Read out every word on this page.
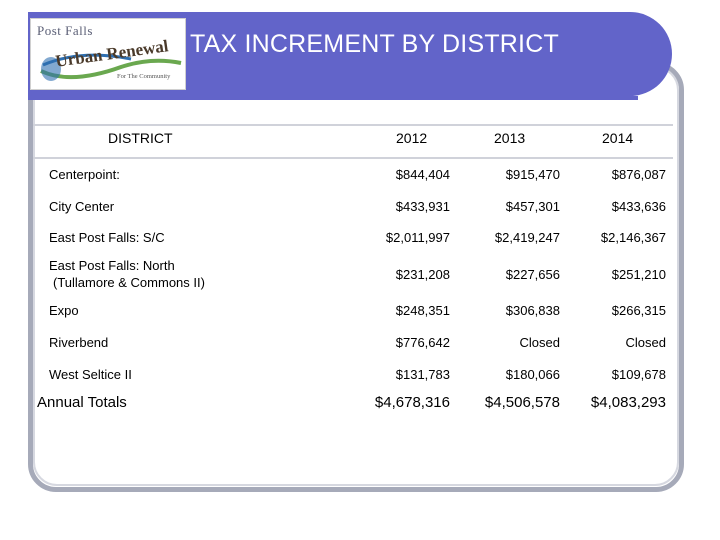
TAX INCREMENT BY DISTRICT
Post Falls
Urban Renewal
For The Community
DISTRICT	2012	2013	2014
Centerpoint:	$844,404	$915,470	$876,087
City Center	$433,931	$457,301	$433,636
East Post Falls: S/C	$2,011,997	$2,419,247	$2,146,367
East Post Falls: North
(Tullamore & Commons II)
$231,208	$227,656	$251,210
Expo	$248,351	$306,838	$266,315
Riverbend	$776,642	Closed	Closed
West Seltice II	$131,783	$180,066	$109,678
Annual Totals	$4,678,316	$4,506,578	$4,083,293
